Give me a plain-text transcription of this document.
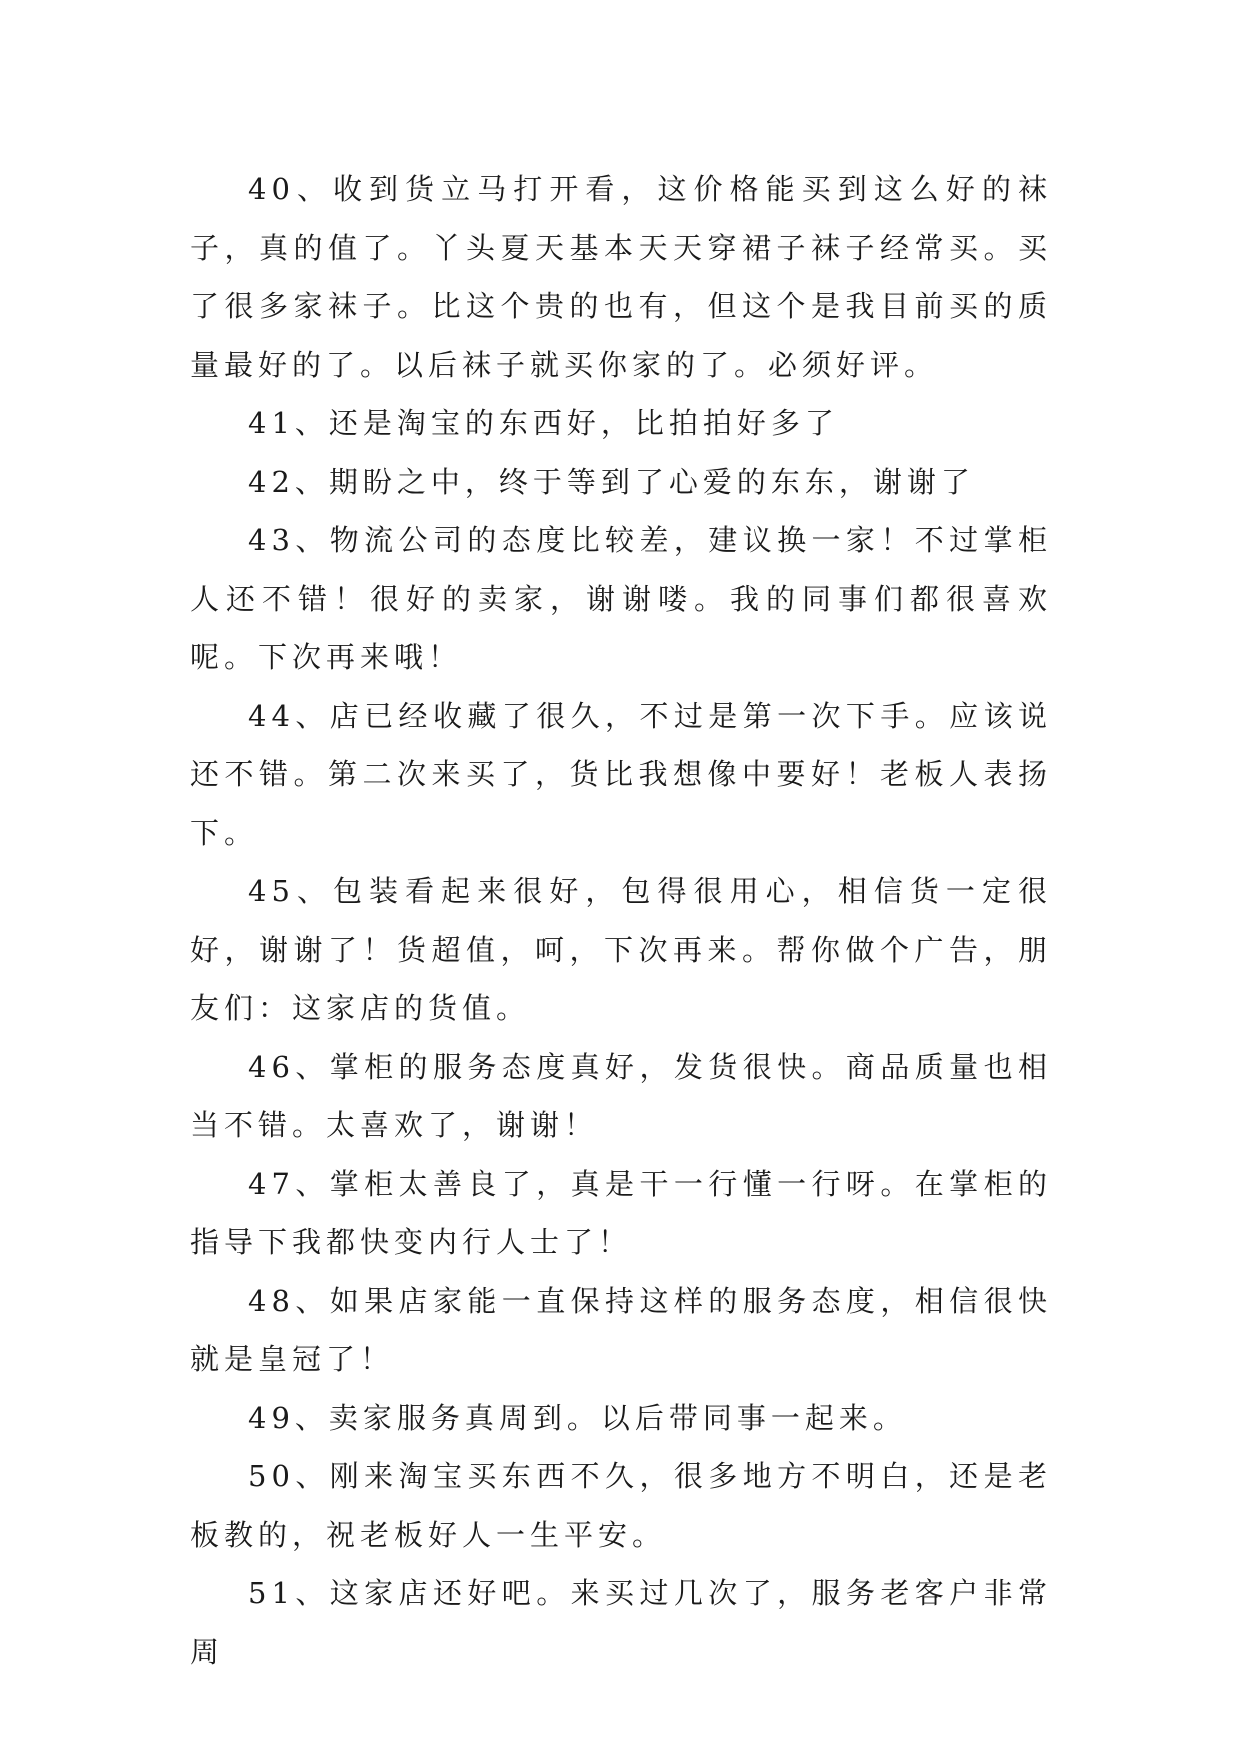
40、收到货立马打开看，这价格能买到这么好的袜子，真的值了。丫头夏天基本天天穿裙子袜子经常买。买了很多家袜子。比这个贵的也有，但这个是我目前买的质量最好的了。以后袜子就买你家的了。必须好评。

41、还是淘宝的东西好，比拍拍好多了

42、期盼之中，终于等到了心爱的东东，谢谢了

43、物流公司的态度比较差，建议换一家！不过掌柜人还不错！很好的卖家，谢谢喽。我的同事们都很喜欢呢。下次再来哦！

44、店已经收藏了很久，不过是第一次下手。应该说还不错。第二次来买了，货比我想像中要好！老板人表扬下。

45、包装看起来很好，包得很用心，相信货一定很好，谢谢了！货超值，呵，下次再来。帮你做个广告，朋友们：这家店的货值。

46、掌柜的服务态度真好，发货很快。商品质量也相当不错。太喜欢了，谢谢！

47、掌柜太善良了，真是干一行懂一行呀。在掌柜的指导下我都快变内行人士了！

48、如果店家能一直保持这样的服务态度，相信很快就是皇冠了！

49、卖家服务真周到。以后带同事一起来。

50、刚来淘宝买东西不久，很多地方不明白，还是老板教的，祝老板好人一生平安。

51、这家店还好吧。来买过几次了，服务老客户非常周
